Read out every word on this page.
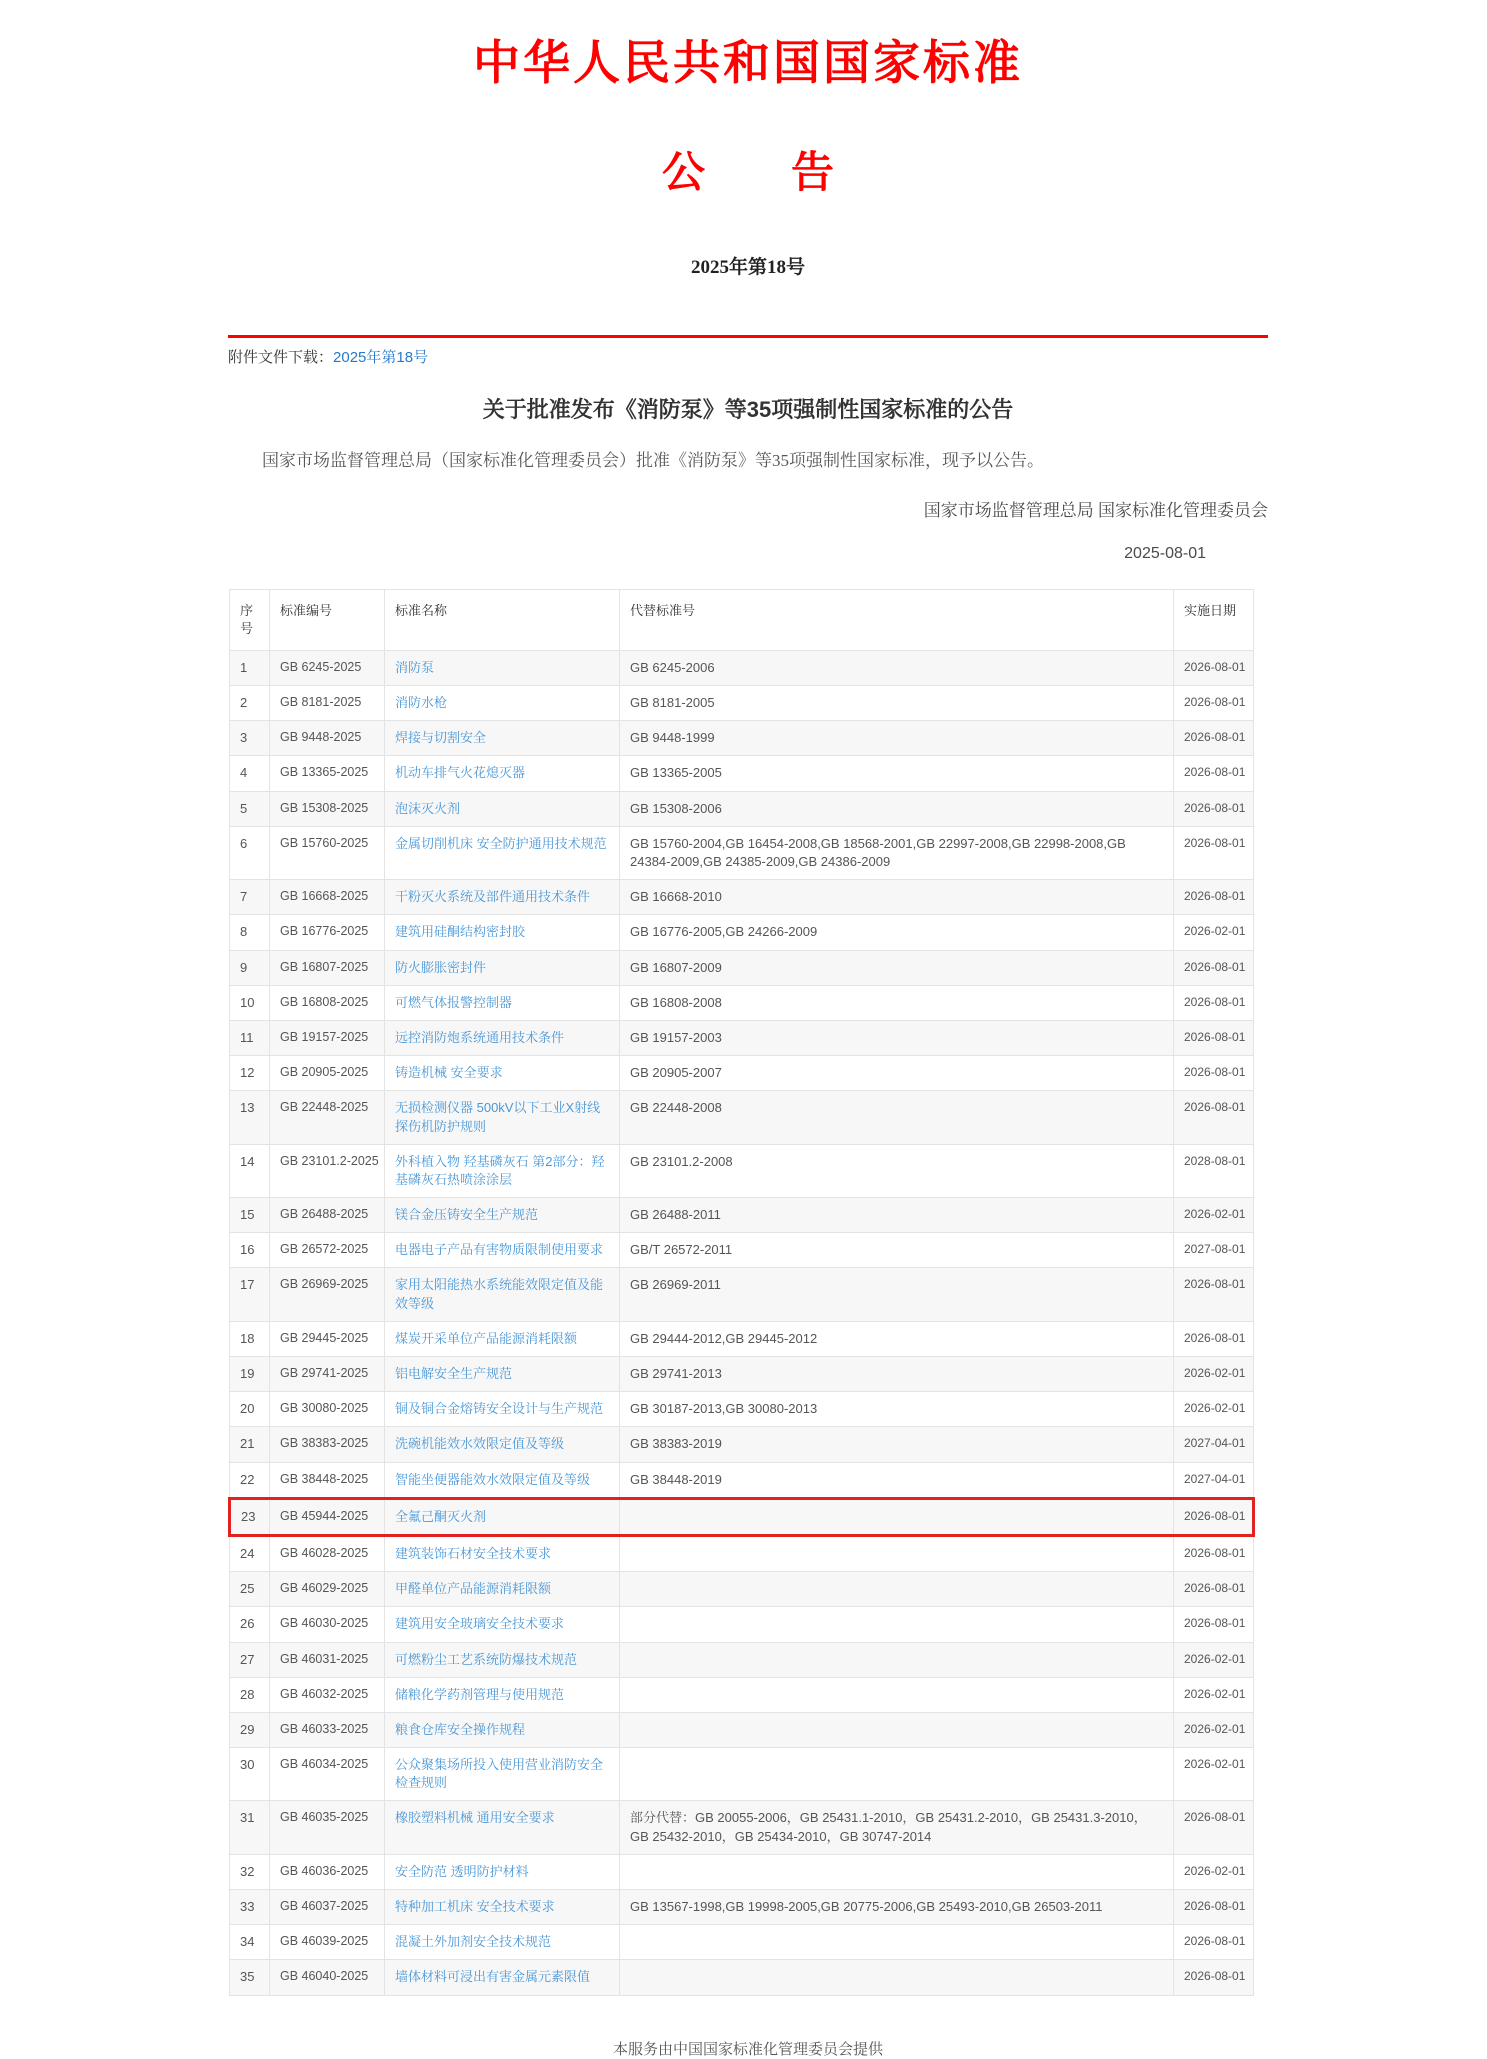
中华人民共和国国家标准
公　　告
2025年第18号
附件文件下载：2025年第18号
关于批准发布《消防泵》等35项强制性国家标准的公告
国家市场监督管理总局（国家标准化管理委员会）批准《消防泵》等35项强制性国家标准，现予以公告。
国家市场监督管理总局 国家标准化管理委员会
2025-08-01
序号	标准编号	标准名称	代替标准号	实施日期
1	GB 6245-2025	消防泵	GB 6245-2006	2026-08-01
2	GB 8181-2025	消防水枪	GB 8181-2005	2026-08-01
3	GB 9448-2025	焊接与切割安全	GB 9448-1999	2026-08-01
4	GB 13365-2025	机动车排气火花熄灭器	GB 13365-2005	2026-08-01
5	GB 15308-2025	泡沫灭火剂	GB 15308-2006	2026-08-01
6	GB 15760-2025	金属切削机床 安全防护通用技术规范	GB 15760-2004,GB 16454-2008,GB 18568-2001,GB 22997-2008,GB 22998-2008,GB 24384-2009,GB 24385-2009,GB 24386-2009	2026-08-01
7	GB 16668-2025	干粉灭火系统及部件通用技术条件	GB 16668-2010	2026-08-01
8	GB 16776-2025	建筑用硅酮结构密封胶	GB 16776-2005,GB 24266-2009	2026-02-01
9	GB 16807-2025	防火膨胀密封件	GB 16807-2009	2026-08-01
10	GB 16808-2025	可燃气体报警控制器	GB 16808-2008	2026-08-01
11	GB 19157-2025	远控消防炮系统通用技术条件	GB 19157-2003	2026-08-01
12	GB 20905-2025	铸造机械 安全要求	GB 20905-2007	2026-08-01
13	GB 22448-2025	无损检测仪器 500kV以下工业X射线探伤机防护规则	GB 22448-2008	2026-08-01
14	GB 23101.2-2025	外科植入物 羟基磷灰石 第2部分：羟基磷灰石热喷涂涂层	GB 23101.2-2008	2028-08-01
15	GB 26488-2025	镁合金压铸安全生产规范	GB 26488-2011	2026-02-01
16	GB 26572-2025	电器电子产品有害物质限制使用要求	GB/T 26572-2011	2027-08-01
17	GB 26969-2025	家用太阳能热水系统能效限定值及能效等级	GB 26969-2011	2026-08-01
18	GB 29445-2025	煤炭开采单位产品能源消耗限额	GB 29444-2012,GB 29445-2012	2026-08-01
19	GB 29741-2025	铝电解安全生产规范	GB 29741-2013	2026-02-01
20	GB 30080-2025	铜及铜合金熔铸安全设计与生产规范	GB 30187-2013,GB 30080-2013	2026-02-01
21	GB 38383-2025	洗碗机能效水效限定值及等级	GB 38383-2019	2027-04-01
22	GB 38448-2025	智能坐便器能效水效限定值及等级	GB 38448-2019	2027-04-01
23	GB 45944-2025	全氟己酮灭火剂		2026-08-01
24	GB 46028-2025	建筑装饰石材安全技术要求		2026-08-01
25	GB 46029-2025	甲醛单位产品能源消耗限额		2026-08-01
26	GB 46030-2025	建筑用安全玻璃安全技术要求		2026-08-01
27	GB 46031-2025	可燃粉尘工艺系统防爆技术规范		2026-02-01
28	GB 46032-2025	储粮化学药剂管理与使用规范		2026-02-01
29	GB 46033-2025	粮食仓库安全操作规程		2026-02-01
30	GB 46034-2025	公众聚集场所投入使用营业消防安全检查规则		2026-02-01
31	GB 46035-2025	橡胶塑料机械 通用安全要求	部分代替：GB 20055-2006，GB 25431.1-2010，GB 25431.2-2010，GB 25431.3-2010，GB 25432-2010，GB 25434-2010，GB 30747-2014	2026-08-01
32	GB 46036-2025	安全防范 透明防护材料		2026-02-01
33	GB 46037-2025	特种加工机床 安全技术要求	GB 13567-1998,GB 19998-2005,GB 20775-2006,GB 25493-2010,GB 26503-2011	2026-08-01
34	GB 46039-2025	混凝土外加剂安全技术规范		2026-08-01
35	GB 46040-2025	墙体材料可浸出有害金属元素限值		2026-08-01
本服务由中国国家标准化管理委员会提供
